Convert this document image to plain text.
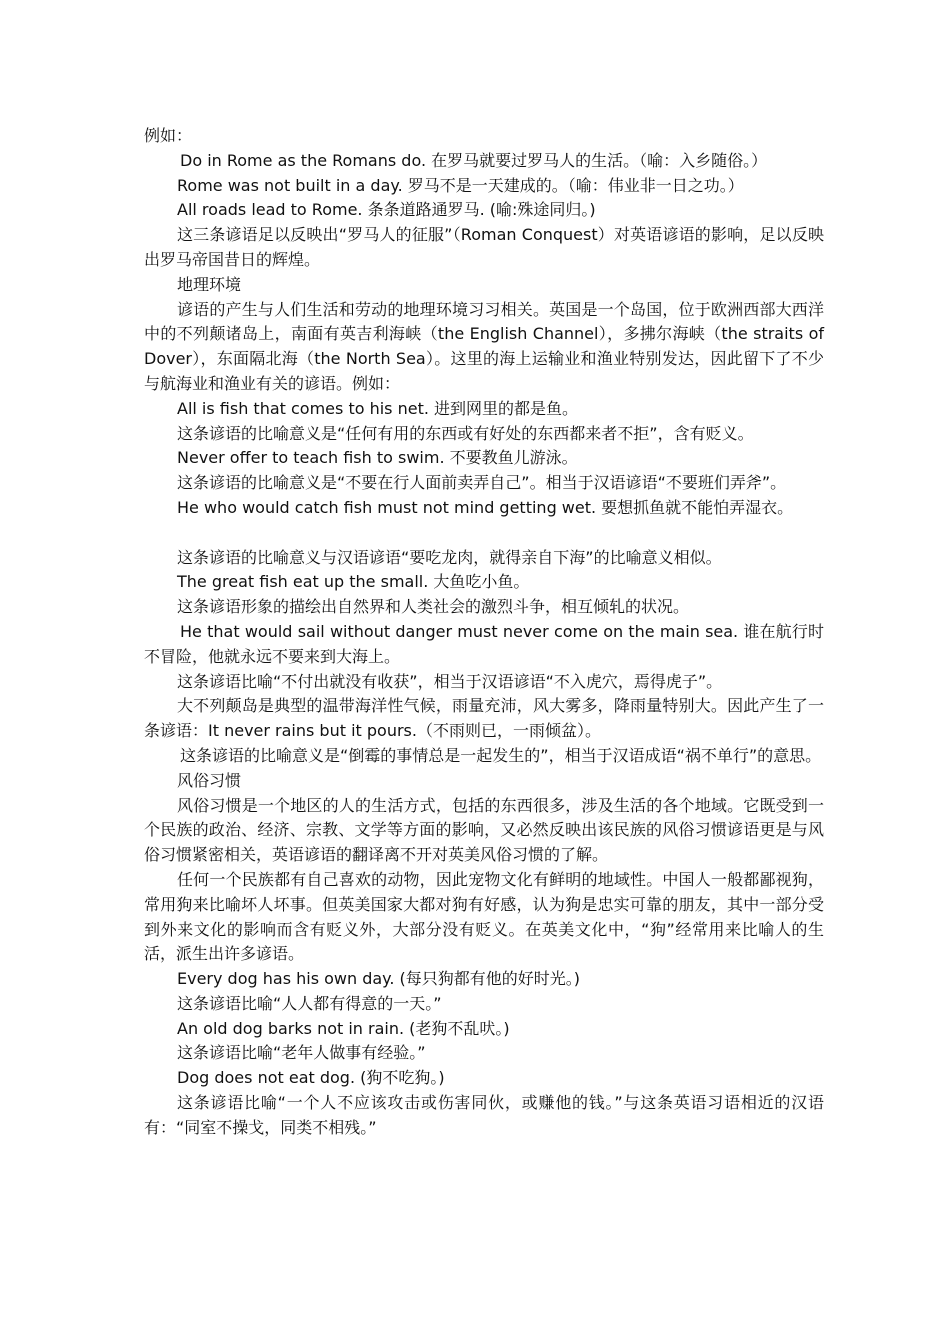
例如：

Do in Rome as the Romans do. 在罗马就要过罗马人的生活。（喻：入乡随俗。）

Rome was not built in a day. 罗马不是一天建成的。（喻：伟业非一日之功。）

All roads lead to Rome. 条条道路通罗马. (喻:殊途同归。)

这三条谚语足以反映出“罗马人的征服”（Roman Conquest）对英语谚语的影响，足以反映出罗马帝国昔日的辉煌。

地理环境

谚语的产生与人们生活和劳动的地理环境习习相关。英国是一个岛国，位于欧洲西部大西洋中的不列颠诸岛上，南面有英吉利海峡（the English Channel），多拂尔海峡（the straits of Dover），东面隔北海（the North Sea）。这里的海上运输业和渔业特别发达，因此留下了不少与航海业和渔业有关的谚语。例如：

All is fish that comes to his net. 进到网里的都是鱼。

这条谚语的比喻意义是“任何有用的东西或有好处的东西都来者不拒”，含有贬义。

Never offer to teach fish to swim. 不要教鱼儿游泳。

这条谚语的比喻意义是“不要在行人面前卖弄自己”。相当于汉语谚语“不要班们弄斧”。

He who would catch fish must not mind getting wet. 要想抓鱼就不能怕弄湿衣。

这条谚语的比喻意义与汉语谚语“要吃龙肉，就得亲自下海”的比喻意义相似。

The great fish eat up the small. 大鱼吃小鱼。

这条谚语形象的描绘出自然界和人类社会的激烈斗争，相互倾轧的状况。

He that would sail without danger must never come on the main sea. 谁在航行时不冒险，他就永远不要来到大海上。

这条谚语比喻“不付出就没有收获”，相当于汉语谚语“不入虎穴，焉得虎子”。

大不列颠岛是典型的温带海洋性气候，雨量充沛，风大雾多，降雨量特别大。因此产生了一条谚语：It never rains but it pours.（不雨则已，一雨倾盆）。

这条谚语的比喻意义是“倒霉的事情总是一起发生的”，相当于汉语成语“祸不单行”的意思。

风俗习惯

风俗习惯是一个地区的人的生活方式，包括的东西很多，涉及生活的各个地域。它既受到一个民族的政治、经济、宗教、文学等方面的影响，又必然反映出该民族的风俗习惯谚语更是与风俗习惯紧密相关，英语谚语的翻译离不开对英美风俗习惯的了解。

任何一个民族都有自己喜欢的动物，因此宠物文化有鲜明的地域性。中国人一般都鄙视狗，常用狗来比喻坏人坏事。但英美国家大都对狗有好感，认为狗是忠实可靠的朋友，其中一部分受到外来文化的影响而含有贬义外，大部分没有贬义。在英美文化中，“狗”经常用来比喻人的生活，派生出许多谚语。

Every dog has his own day. (每只狗都有他的好时光。)

这条谚语比喻“人人都有得意的一天。”

An old dog barks not in rain. (老狗不乱吠。)

这条谚语比喻“老年人做事有经验。”

Dog does not eat dog. (狗不吃狗。)

这条谚语比喻“一个人不应该攻击或伤害同伙，或赚他的钱。”与这条英语习语相近的汉语有：“同室不操戈，同类不相残。”
